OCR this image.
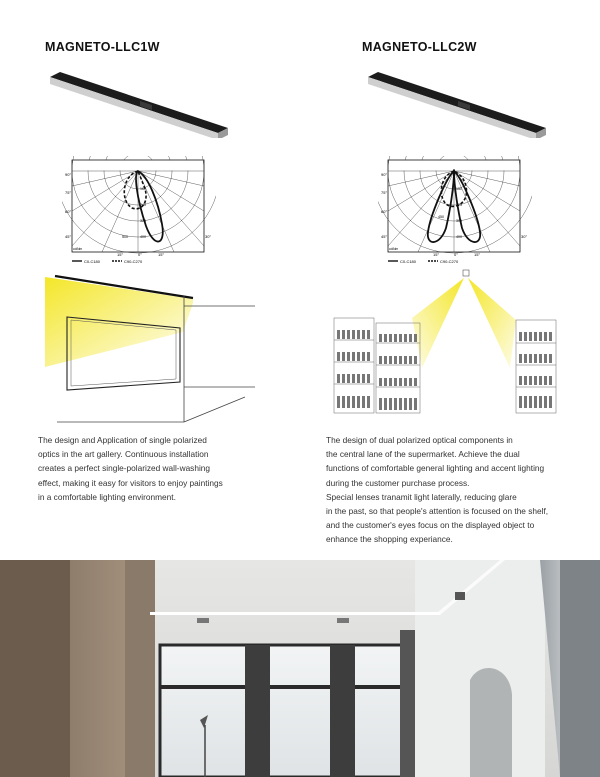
MAGNETO-LLC1W
90°
75°
60°
45°
15°	0°	15°
30°
160
240
320
400
500
cd/klm
C0-C180	C90-C270

The design and Application of single polarized

optics in the art gallery. Continuous installation

creates a perfect single-polarized wall-washing

effect, making it easy for visitors to enjoy paintings

in a comfortable lighting environment.

MAGNETO-LLC2W
90°
75°
60°
45°
15°	0°	15°
30°
150
225
300
400
450
cd/klm
C0-C180	C90-C270

The design of dual polarized optical components in

the central lane of the supermarket. Achieve the dual

functions of comfortable general lighting and accent lighting

during the customer purchase process.

Special lenses tranamit light laterally, reducing glare

in the past, so that people's attention is focused on the shelf,

and the customer's eyes focus on the displayed object to

enhance the shopping experiance.
